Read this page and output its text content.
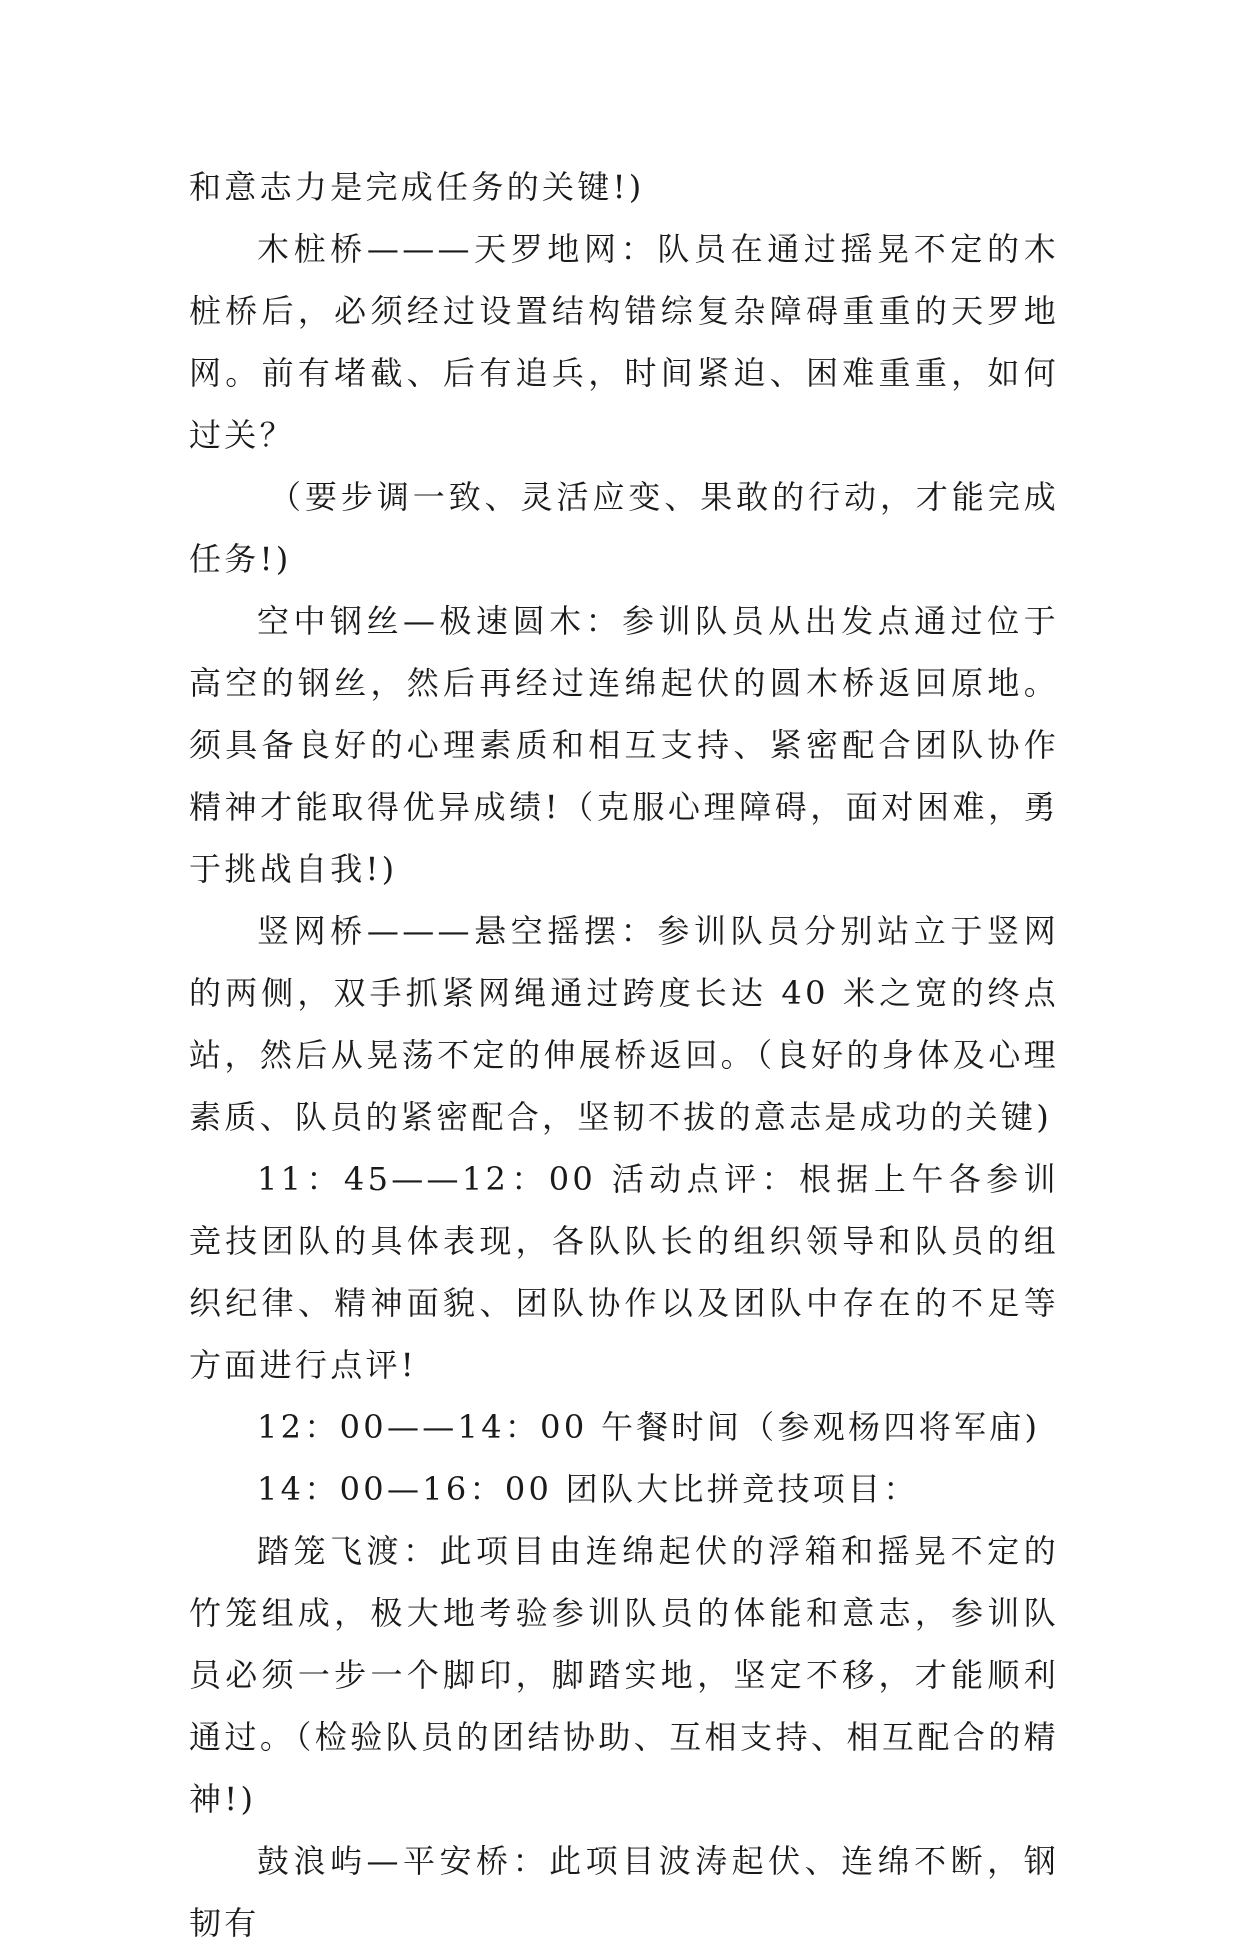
和意志力是完成任务的关键!)

木桩桥———天罗地网：队员在通过摇晃不定的木桩桥后，必须经过设置结构错综复杂障碍重重的天罗地网。前有堵截、后有追兵，时间紧迫、困难重重，如何过关？

（要步调一致、灵活应变、果敢的行动，才能完成任务!)

空中钢丝—极速圆木：参训队员从出发点通过位于高空的钢丝，然后再经过连绵起伏的圆木桥返回原地。须具备良好的心理素质和相互支持、紧密配合团队协作精神才能取得优异成绩!（克服心理障碍，面对困难，勇于挑战自我!)

竖网桥———悬空摇摆：参训队员分别站立于竖网的两侧，双手抓紧网绳通过跨度长达 40 米之宽的终点站，然后从晃荡不定的伸展桥返回。（良好的身体及心理素质、队员的紧密配合，坚韧不拔的意志是成功的关键)

11：45——12：00 活动点评：根据上午各参训竞技团队的具体表现，各队队长的组织领导和队员的组织纪律、精神面貌、团队协作以及团队中存在的不足等方面进行点评!

12：00——14：00 午餐时间（参观杨四将军庙)

14：00—16：00 团队大比拼竞技项目：

踏笼飞渡：此项目由连绵起伏的浮箱和摇晃不定的竹笼组成，极大地考验参训队员的体能和意志，参训队员必须一步一个脚印，脚踏实地，坚定不移，才能顺利通过。（检验队员的团结协助、互相支持、相互配合的精神!)

鼓浪屿—平安桥：此项目波涛起伏、连绵不断，钢韧有
